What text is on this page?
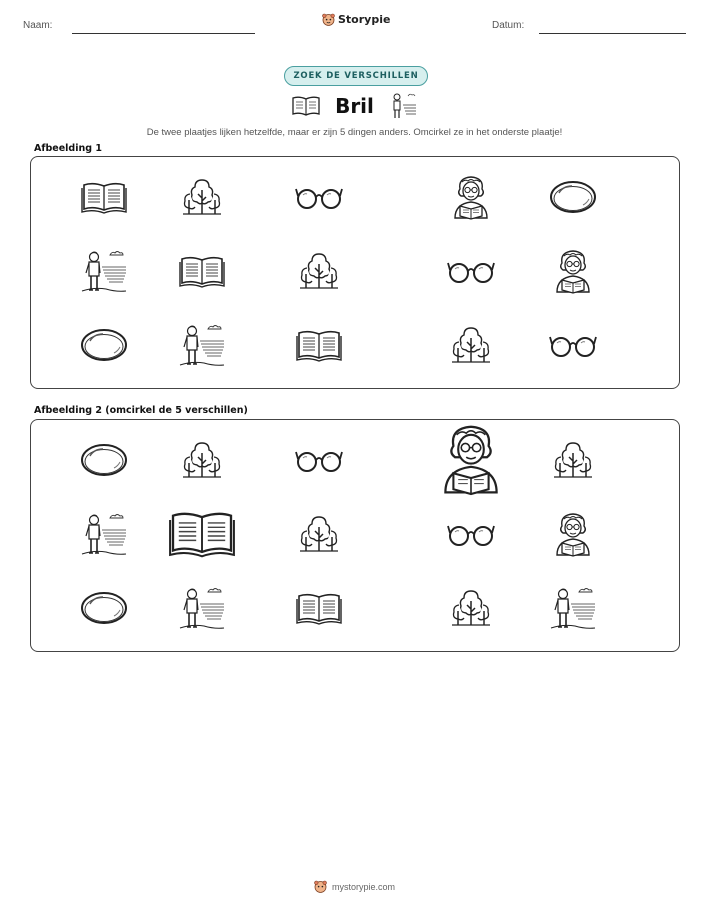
Naam:	Storypie	Datum:
ZOEK DE VERSCHILLEN
Bril
De twee plaatjes lijken hetzelfde, maar er zijn 5 dingen anders. Omcirkel ze in het onderste plaatje!
Afbeelding 1
Afbeelding 2 (omcirkel de 5 verschillen)
mystorypie.com
